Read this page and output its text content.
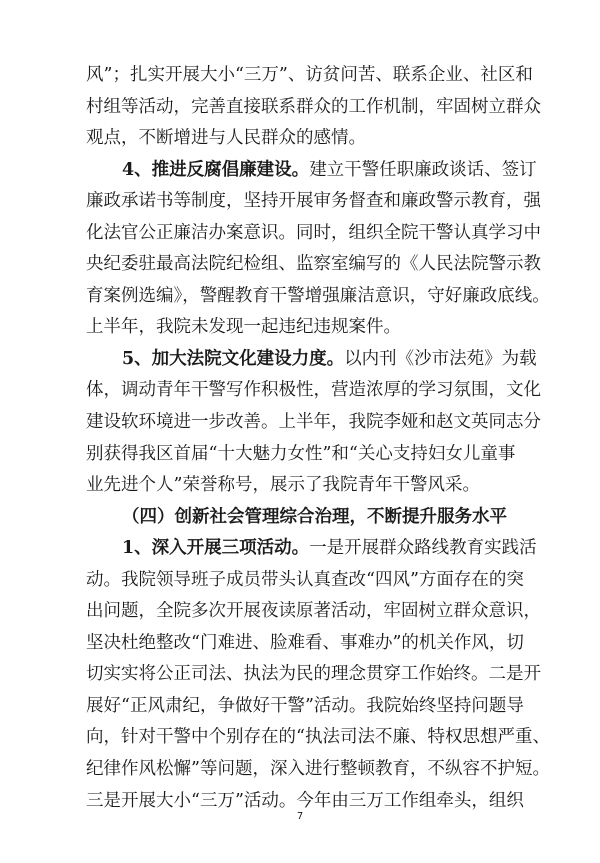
风”；扎实开展大小“三万”、访贫问苦、联系企业、社区和
村组等活动，完善直接联系群众的工作机制，牢固树立群众
观点，不断增进与人民群众的感情。
4、推进反腐倡廉建设。建立干警任职廉政谈话、签订
廉政承诺书等制度，坚持开展审务督查和廉政警示教育，强
化法官公正廉洁办案意识。同时，组织全院干警认真学习中
央纪委驻最高法院纪检组、监察室编写的《人民法院警示教
育案例选编》，警醒教育干警增强廉洁意识，守好廉政底线。
上半年，我院未发现一起违纪违规案件。
5、加大法院文化建设力度。以内刊《沙市法苑》为载
体，调动青年干警写作积极性，营造浓厚的学习氛围，文化
建设软环境进一步改善。上半年，我院李娅和赵文英同志分
别获得我区首届“十大魅力女性”和“关心支持妇女儿童事
业先进个人”荣誉称号，展示了我院青年干警风采。
（四）创新社会管理综合治理，不断提升服务水平
1、深入开展三项活动。一是开展群众路线教育实践活
动。我院领导班子成员带头认真查改“四风”方面存在的突
出问题，全院多次开展夜读原著活动，牢固树立群众意识，
坚决杜绝整改“门难进、脸难看、事难办”的机关作风，切
切实实将公正司法、执法为民的理念贯穿工作始终。二是开
展好“正风肃纪，争做好干警”活动。我院始终坚持问题导
向，针对干警中个别存在的“执法司法不廉、特权思想严重、
纪律作风松懈”等问题，深入进行整顿教育，不纵容不护短。
三是开展大小“三万”活动。今年由三万工作组牵头，组织
7
